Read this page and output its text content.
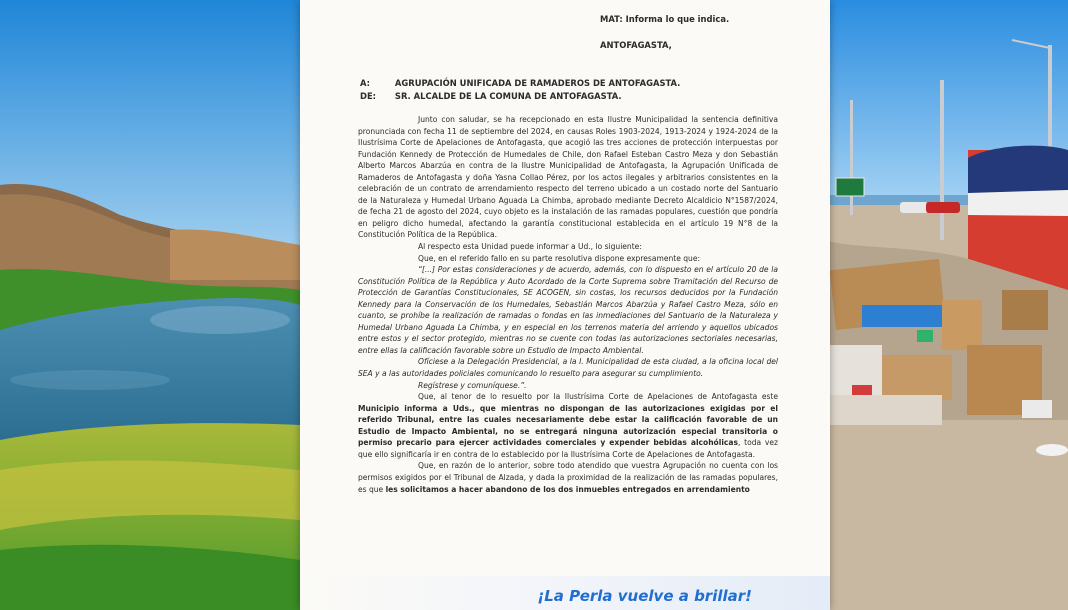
MAT: Informa lo que indica.
ANTOFAGASTA,
A:	AGRUPACIÓN UNIFICADA DE RAMADEROS DE ANTOFAGASTA.
DE: SR. ALCALDE DE LA COMUNA DE ANTOFAGASTA.

Junto con saludar, se ha recepcionado en esta Ilustre Municipalidad la sentencia definitiva pronunciada con fecha 11 de septiembre del 2024, en causas Roles 1903-2024, 1913-2024 y 1924-2024 de la Ilustrísima Corte de Apelaciones de Antofagasta, que acogió las tres acciones de protección interpuestas por Fundación Kennedy de Protección de Humedales de Chile, don Rafael Esteban Castro Meza y don Sebastián Alberto Marcos Abarzúa en contra de la Ilustre Municipalidad de Antofagasta, la Agrupación Unificada de Ramaderos de Antofagasta y doña Yasna Collao Pérez, por los actos ilegales y arbitrarios consistentes en la celebración de un contrato de arrendamiento respecto del terreno ubicado a un costado norte del Santuario de la Naturaleza y Humedal Urbano Aguada La Chimba, aprobado mediante Decreto Alcaldicio N°1587/2024, de fecha 21 de agosto del 2024, cuyo objeto es la instalación de las ramadas populares, cuestión que pondría en peligro dicho humedal, afectando la garantía constitucional establecida en el artículo 19 N°8 de la Constitución Política de la República.

Al respecto esta Unidad puede informar a Ud., lo siguiente:

Que, en el referido fallo en su parte resolutiva dispone expresamente que:

“[...] Por estas consideraciones y de acuerdo, además, con lo dispuesto en el artículo 20 de la Constitución Política de la República y Auto Acordado de la Corte Suprema sobre Tramitación del Recurso de Protección de Garantías Constitucionales, SE ACOGEN, sin costas, los recursos deducidos por la Fundación Kennedy para la Conservación de los Humedales, Sebastián Marcos Abarzúa y Rafael Castro Meza, sólo en cuanto, se prohíbe la realización de ramadas o fondas en las inmediaciones del Santuario de la Naturaleza y Humedal Urbano Aguada La Chimba, y en especial en los terrenos materia del arriendo y aquellos ubicados entre estos y el sector protegido, mientras no se cuente con todas las autorizaciones sectoriales necesarias, entre ellas la calificación favorable sobre un Estudio de Impacto Ambiental.

Ofíciese a la Delegación Presidencial, a la I. Municipalidad de esta ciudad, a la oficina local del SEA y a las autoridades policiales comunicando lo resuelto para asegurar su cumplimiento.

Regístrese y comuníquese.”.

Que, al tenor de lo resuelto por la Ilustrísima Corte de Apelaciones de Antofagasta este Municipio informa a Uds., que mientras no dispongan de las autorizaciones exigidas por el referido Tribunal, entre las cuales necesariamente debe estar la calificación favorable de un Estudio de Impacto Ambiental, no se entregará ninguna autorización especial transitoria o permiso precario para ejercer actividades comerciales y expender bebidas alcohólicas, toda vez que ello significaría ir en contra de lo establecido por la Ilustrísima Corte de Apelaciones de Antofagasta.

Que, en razón de lo anterior, sobre todo atendido que vuestra Agrupación no cuenta con los permisos exigidos por el Tribunal de Alzada, y dada la proximidad de la realización de las ramadas populares, es que les solicitamos a hacer abandono de los dos inmuebles entregados en arrendamiento

¡La Perla vuelve a brillar!
